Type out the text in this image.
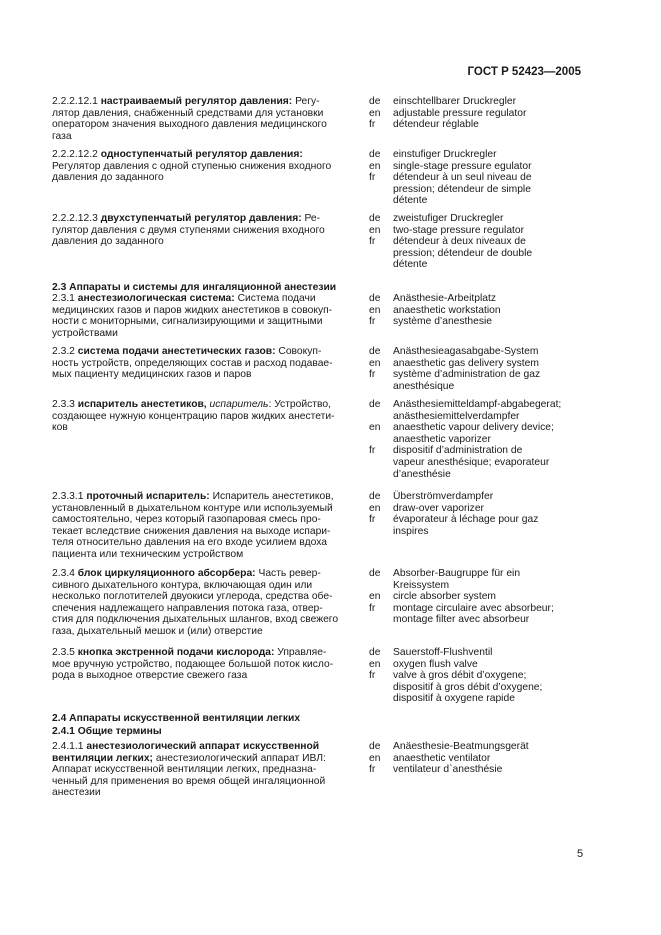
ГОСТ Р 52423—2005
2.2.2.12.1 настраиваемый регулятор давления: Регу-
лятор давления, снабженный средствами для установки
оператором значения выходного давления медицинского
газа
de
en
fr
einschtellbarer Druckregler
adjustable pressure regulator
détendeur réglable
2.2.2.12.2 одноступенчатый регулятор давления:
Регулятор давления с одной ступенью снижения входного
давления до заданного
de
en
fr
einstufiger Druckregler
single-stage pressure egulator
détendeur à un seul niveau de
pression; détendeur de simple
détente
2.2.2.12.3 двухступенчатый регулятор давления: Ре-
гулятор давления с двумя ступенями снижения входного
давления до заданного
de
en
fr
zweistufiger Druckregler
two-stage pressure regulator
détendeur à deux niveaux de
pression; détendeur de double
détente
2.3.1 анестезиологическая система: Система подачи
медицинских газов и паров жидких анестетиков в совокуп-
ности с мониторными, сигнализирующими и защитными
устройствами
de
en
fr
Anästhesie-Arbeitplatz
anaesthetic workstation
système d’anesthesie
2.3.2 система подачи анестетических газов: Совокуп-
ность устройств, определяющих состав и расход подавае-
мых пациенту медицинских газов и паров
de
en
fr
Anästhesieagasabgabe-System
anaesthetic gas delivery system
système d’administration de gaz
anesthésique
2.3.3 испаритель анестетиков, испаритель: Устройство,
создающее нужную концентрацию паров жидких анестети-
ков
de
en
fr
Anästhesiemitteldampf-abgabegerat;
anästhesiemittelverdampfer
anaesthetic vapour delivery device;
anaesthetic vaporizer
dispositif d’administration de
vapeur anesthésique; evaporateur
d’anesthésie
2.3.3.1 проточный испаритель: Испаритель анестетиков,
установленный в дыхательном контуре или используемый
самостоятельно, через который газопаровая смесь про-
текает вследствие снижения давления на выходе испари-
теля относительно давления на его входе усилием вдоха
пациента или техническим устройством
de
en
fr
Überströmverdampfer
draw-over vaporizer
évaporateur à léchage pour gaz
inspires
2.3.4 блок циркуляционного абсорбера: Часть ревер-
сивного дыхательного контура, включающая один или
несколько поглотителей двуокиси углерода, средства обе-
спечения надлежащего направления потока газа, отвер-
стия для подключения дыхательных шлангов, вход свежего
газа, дыхательный мешок и (или) отверстие
de
en
fr
Absorber-Baugruppe für ein
Kreissystem
circle absorber system
montage circulaire avec absorbeur;
montage filter avec absorbeur
2.3.5 кнопка экстренной подачи кислорода: Управляе-
мое вручную устройство, подающее большой поток кисло-
рода в выходное отверстие свежего газа
de
en
fr
Sauerstoff-Flushventil
oxygen flush valve
valve à gros débit d’oxygene;
dispositif à gros débit d’oxygene;
dispositif à oxygene rapide
2.4.1.1 анестезиологический аппарат искусственной
вентиляции легких; анестезиологический аппарат ИВЛ:
Аппарат искусственной вентиляции легких, предназна-
ченный для применения во время общей ингаляционной
анестезии
de
en
fr
Anäesthesie-Beatmungsgerät
anaesthetic ventilator
ventilateur d`anesthésie
2.3 Аппараты и системы для ингаляционной анестезии
2.4 Аппараты искусственной вентиляции легких
2.4.1 Общие термины
5
